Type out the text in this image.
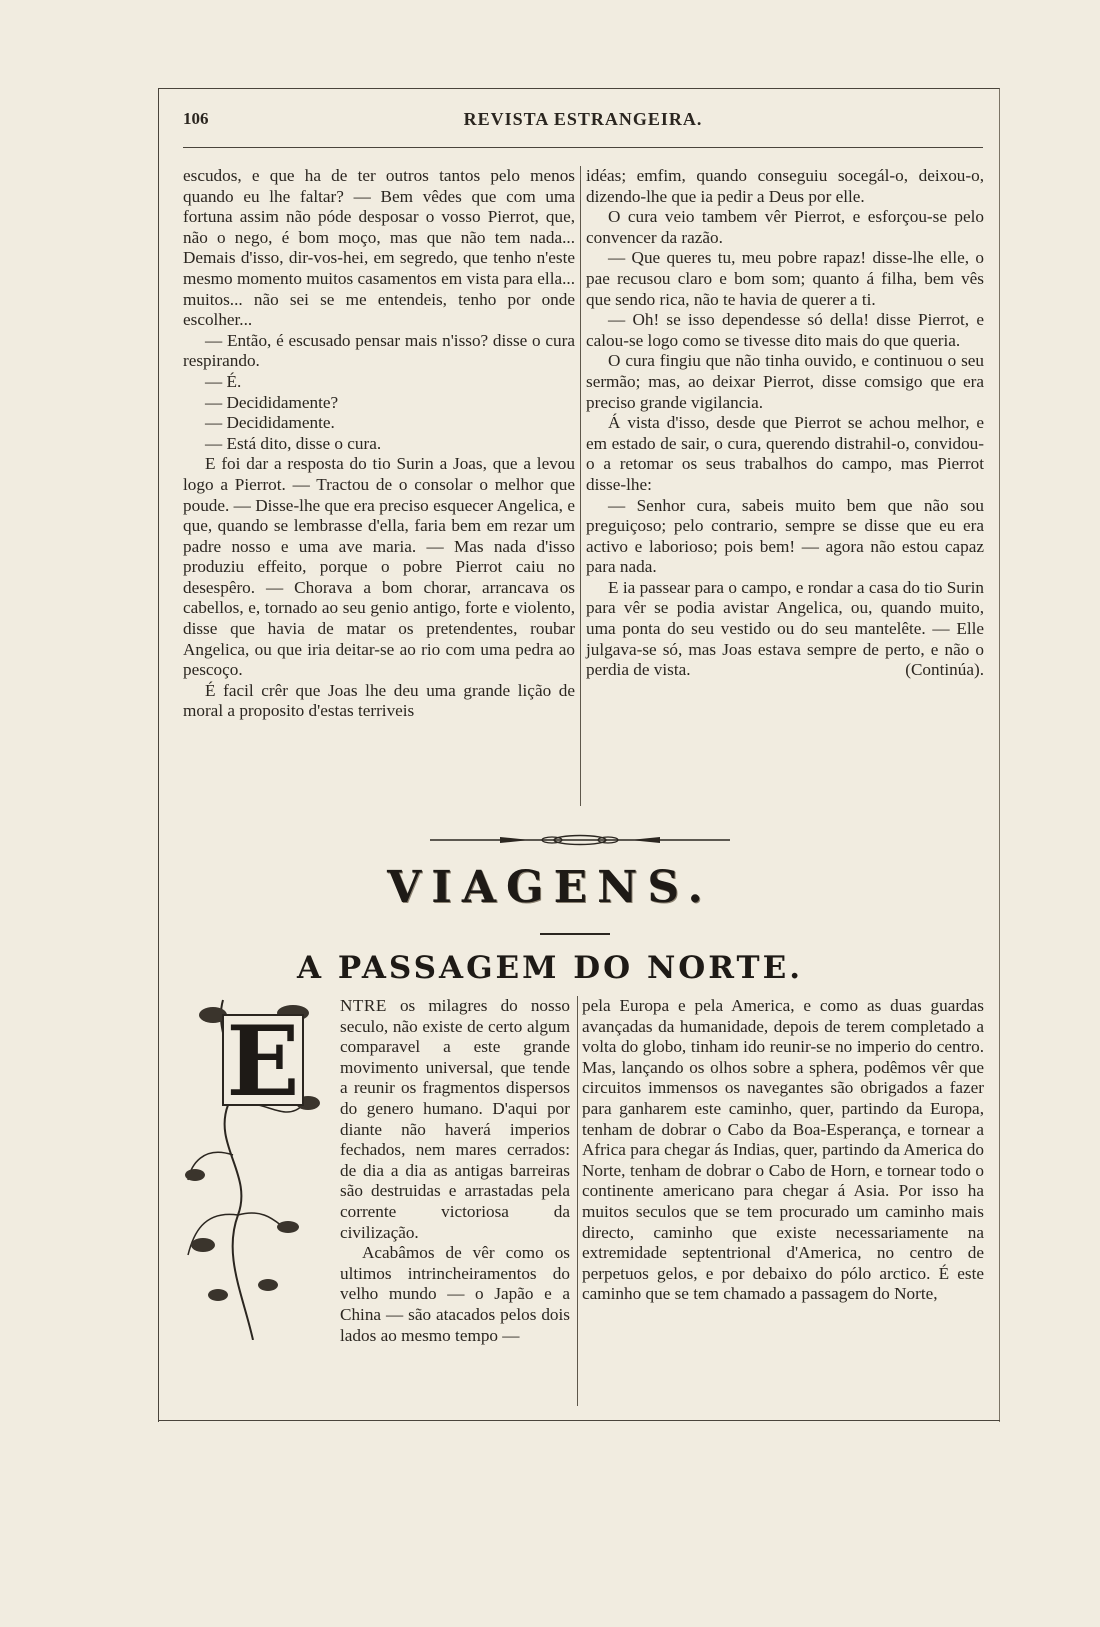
106	REVISTA ESTRANGEIRA.

escudos, e que ha de ter outros tantos pelo menos quando eu lhe faltar? — Bem vêdes que com uma fortuna assim não póde desposar o vosso Pierrot, que, não o nego, é bom moço, mas que não tem nada... Demais d'isso, dir-vos-hei, em segredo, que tenho n'este mesmo momento muitos casamentos em vista para ella... muitos... não sei se me entendeis, tenho por onde escolher...

— Então, é escusado pensar mais n'isso? disse o cura respirando.

— É.

— Decididamente?

— Decididamente.

— Está dito, disse o cura.

E foi dar a resposta do tio Surin a Joas, que a levou logo a Pierrot. — Tractou de o consolar o melhor que poude. — Disse-lhe que era preciso esquecer Angelica, e que, quando se lembrasse d'ella, faria bem em rezar um padre nosso e uma ave maria. — Mas nada d'isso produziu effeito, porque o pobre Pierrot caiu no desespêro. — Chorava a bom chorar, arrancava os cabellos, e, tornado ao seu genio antigo, forte e violento, disse que havia de matar os pretendentes, roubar Angelica, ou que iria deitar-se ao rio com uma pedra ao pescoço.

É facil crêr que Joas lhe deu uma grande lição de moral a proposito d'estas terriveis

idéas; emfim, quando conseguiu socegál-o, deixou-o, dizendo-lhe que ia pedir a Deus por elle.

O cura veio tambem vêr Pierrot, e esforçou-se pelo convencer da razão.

— Que queres tu, meu pobre rapaz! disse-lhe elle, o pae recusou claro e bom som; quanto á filha, bem vês que sendo rica, não te havia de querer a ti.

— Oh! se isso dependesse só della! disse Pierrot, e calou-se logo como se tivesse dito mais do que queria.

O cura fingiu que não tinha ouvido, e continuou o seu sermão; mas, ao deixar Pierrot, disse comsigo que era preciso grande vigilancia.

Á vista d'isso, desde que Pierrot se achou melhor, e em estado de sair, o cura, querendo distrahil-o, convidou-o a retomar os seus trabalhos do campo, mas Pierrot disse-lhe:

— Senhor cura, sabeis muito bem que não sou preguiçoso; pelo contrario, sempre se disse que eu era activo e laborioso; pois bem! — agora não estou capaz para nada.

E ia passear para o campo, e rondar a casa do tio Surin para vêr se podia avistar Angelica, ou, quando muito, uma ponta do seu vestido ou do seu mantelête. — Elle julgava-se só, mas Joas estava sempre de perto, e não o perdia de vista.	(Continúa).

VIAGENS.
A PASSAGEM DO NORTE.
E NTRE os milagres do nosso seculo, não existe de certo algum comparavel a este grande movimento universal, que tende a reunir os fragmentos dispersos do genero humano. D'aqui por diante não haverá imperios fechados, nem mares cerrados: de dia a dia as antigas barreiras são destruidas e arrastadas pela corrente victoriosa da civilização.

Acabâmos de vêr como os ultimos intrincheiramentos do velho mundo — o Japão e a China — são atacados pelos dois lados ao mesmo tempo —

pela Europa e pela America, e como as duas guardas avançadas da humanidade, depois de terem completado a volta do globo, tinham ido reunir-se no imperio do centro. Mas, lançando os olhos sobre a sphera, podêmos vêr que circuitos immensos os navegantes são obrigados a fazer para ganharem este caminho, quer, partindo da Europa, tenham de dobrar o Cabo da Boa-Esperança, e tornear a Africa para chegar ás Indias, quer, partindo da America do Norte, tenham de dobrar o Cabo de Horn, e tornear todo o continente americano para chegar á Asia. Por isso ha muitos seculos que se tem procurado um caminho mais directo, caminho que existe necessariamente na extremidade septentrional d'America, no centro de perpetuos gelos, e por debaixo do pólo arctico. É este caminho que se tem chamado a passagem do Norte,
